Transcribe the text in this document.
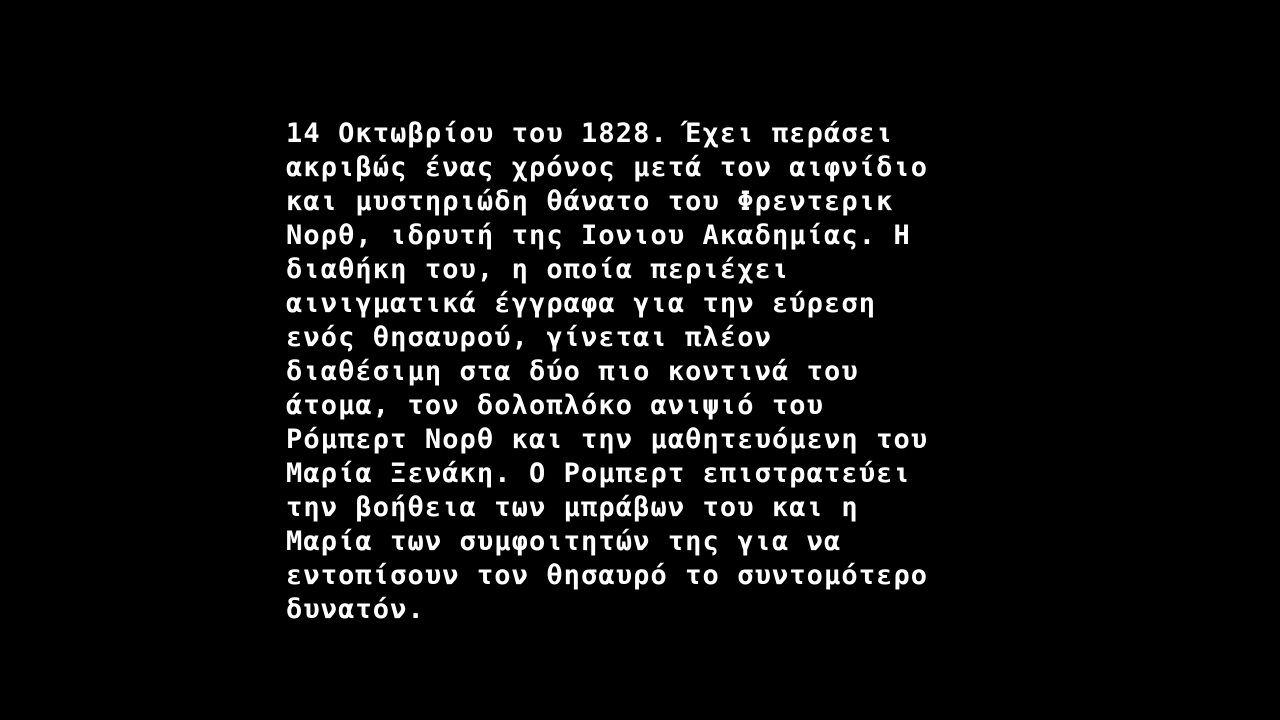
14 Οκτωβρίου του 1828. Έχει περάσει
ακριβώς ένας χρόνος μετά τον αιφνίδιο
και μυστηριώδη θάνατο του Φρεντερικ
Νορθ, ιδρυτή της Ιονιου Ακαδημίας. Η
διαθήκη του, η οποία περιέχει
αινιγματικά έγγραφα για την εύρεση
ενός θησαυρού, γίνεται πλέον
διαθέσιμη στα δύο πιο κοντινά του
άτομα, τον δολοπλόκο ανιψιό του
Ρόμπερτ Νορθ και την μαθητευόμενη του
Μαρία Ξενάκη. Ο Ρομπερτ επιστρατεύει
την βοήθεια των μπράβων του και η
Μαρία των συμφοιτητών της για να
εντοπίσουν τον θησαυρό το συντομότερο
δυνατόν.
